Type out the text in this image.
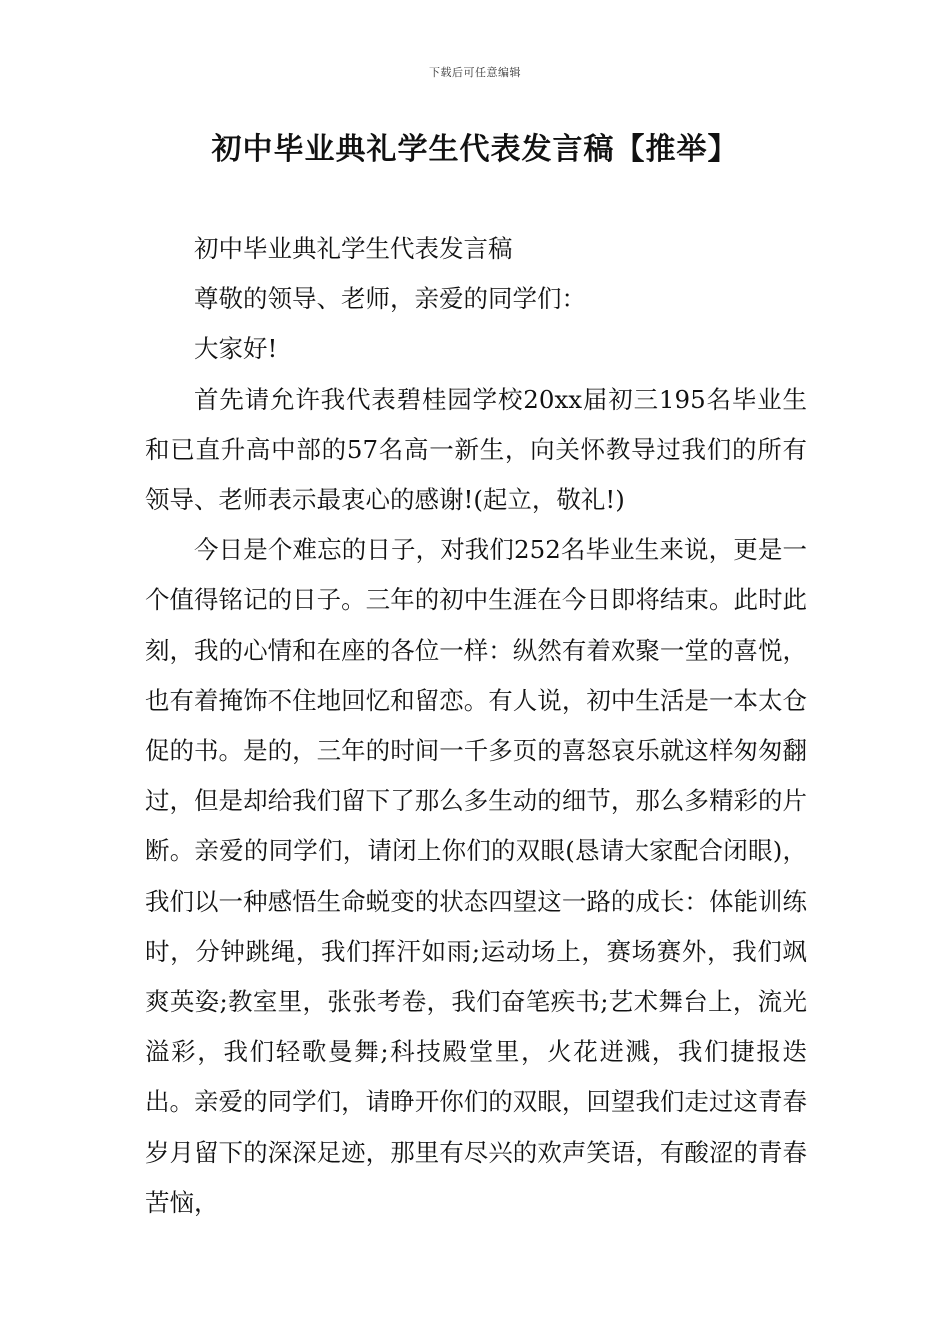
下载后可任意编辑
初中毕业典礼学生代表发言稿【推举】

初中毕业典礼学生代表发言稿

尊敬的领导、老师，亲爱的同学们：

大家好!

首先请允许我代表碧桂园学校20xx届初三195名毕业生和已直升高中部的57名高一新生，向关怀教导过我们的所有领导、老师表示最衷心的感谢!(起立，敬礼!)

今日是个难忘的日子，对我们252名毕业生来说，更是一个值得铭记的日子。三年的初中生涯在今日即将结束。此时此刻，我的心情和在座的各位一样：纵然有着欢聚一堂的喜悦，也有着掩饰不住地回忆和留恋。有人说，初中生活是一本太仓促的书。是的，三年的时间一千多页的喜怒哀乐就这样匆匆翻过，但是却给我们留下了那么多生动的细节，那么多精彩的片断。亲爱的同学们，请闭上你们的双眼(恳请大家配合闭眼)，我们以一种感悟生命蜕变的状态四望这一路的成长：体能训练时，分钟跳绳，我们挥汗如雨;运动场上，赛场赛外，我们飒爽英姿;教室里，张张考卷，我们奋笔疾书;艺术舞台上，流光溢彩，我们轻歌曼舞;科技殿堂里，火花迸溅，我们捷报迭出。亲爱的同学们，请睁开你们的双眼，回望我们走过这青春岁月留下的深深足迹，那里有尽兴的欢声笑语，有酸涩的青春苦恼，
